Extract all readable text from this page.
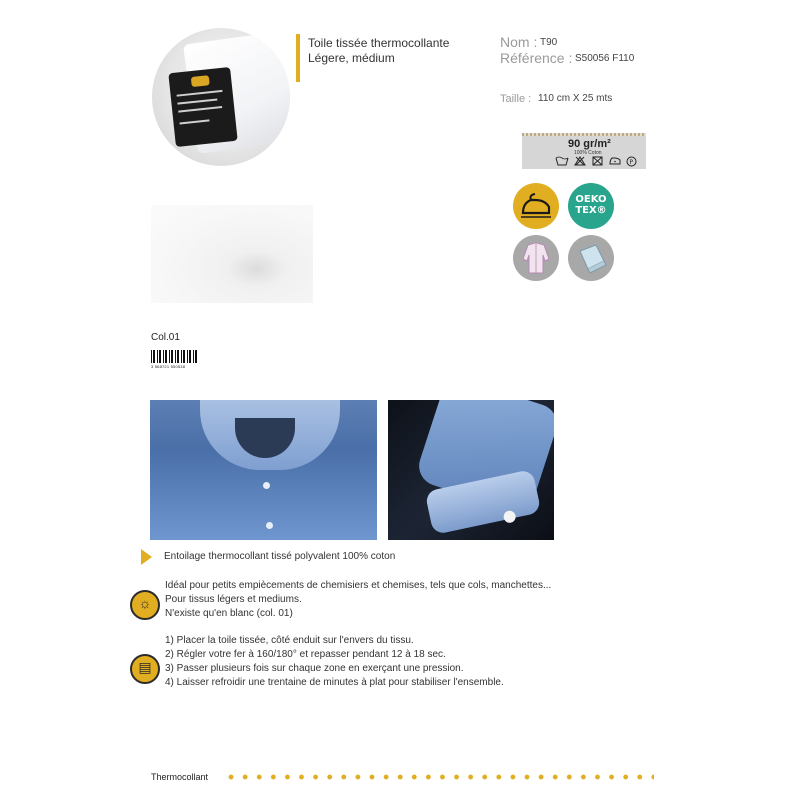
Toile tissée thermocollante
Légere, médium
Nom : T90
Référence : S50056 F110
Taille : 110 cm X 25 mts
90 gr/m²
100% Coton
P
OEKO
TEX®
Col.01
3 568721 550538
Entoilage thermocollant tissé polyvalent 100% coton
☼
Idéal pour petits empiècements de chemisiers et chemises, tels que cols, manchettes...
Pour tissus légers et mediums.
N'existe qu'en blanc (col. 01)
▤
1) Placer la toile tissée, côté enduit sur l'envers du tissu.
2) Régler votre fer à 160/180° et repasser pendant 12 à 18 sec.
3) Passer plusieurs fois sur chaque zone en exerçant une pression.
4) Laisser refroidir une trentaine de minutes à plat pour stabiliser l'ensemble.
Thermocollant
